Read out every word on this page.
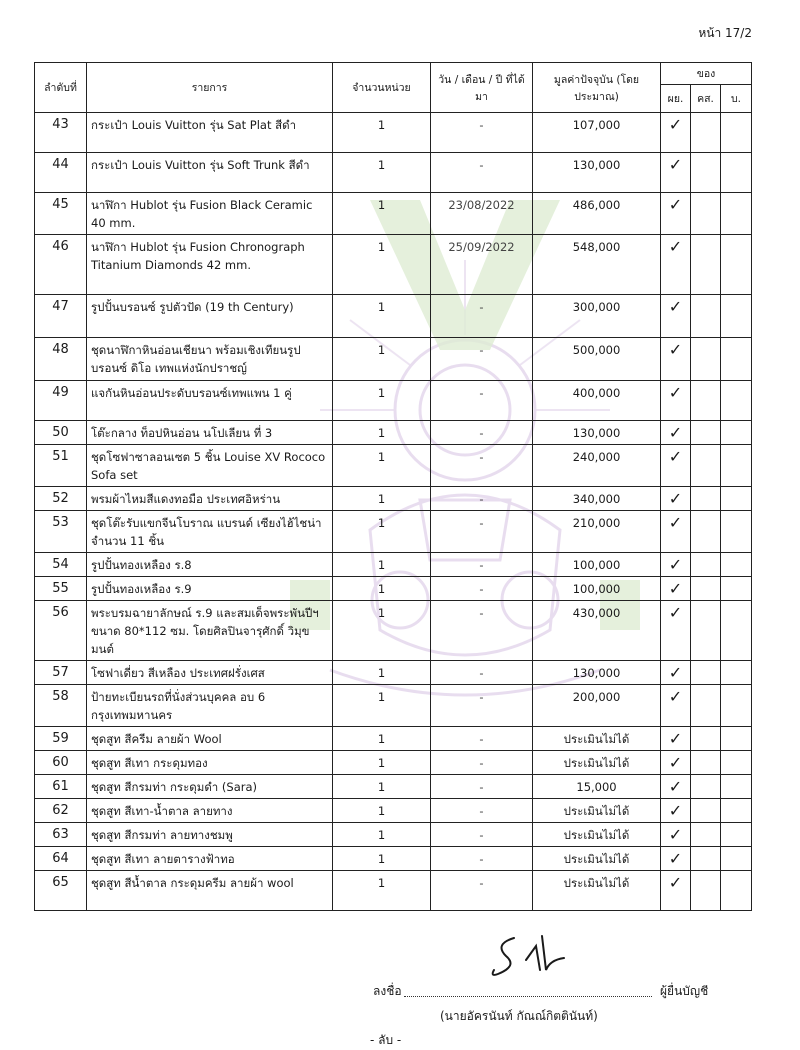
หน้า 17/2
ลำดับที่	รายการ	จำนวนหน่วย	วัน / เดือน / ปี ที่ได้มา	มูลค่าปัจจุบัน (โดยประมาณ)	ของ		
					ผย.	คส.	บ.
43	กระเป๋า Louis Vuitton รุ่น Sat Plat สีดำ	1	-	107,000	✓		
44	กระเป๋า Louis Vuitton รุ่น Soft Trunk สีดำ	1	-	130,000	✓		
45	นาฬิกา Hublot รุ่น Fusion Black Ceramic 40 mm.	1	23/08/2022	486,000	✓		
46	นาฬิกา Hublot รุ่น Fusion Chronograph Titanium Diamonds 42 mm.	1	25/09/2022	548,000	✓		
47	รูปปั้นบรอนซ์ รูปตัวปัด (19 th Century)	1	-	300,000	✓		
48	ชุดนาฬิกาหินอ่อนเชียนา พร้อมเชิงเทียนรูปบรอนซ์ ดิโอ เทพแห่งนักปราชญ์	1	-	500,000	✓		
49	แจกันหินอ่อนประดับบรอนซ์เทพแพน 1 คู่	1	-	400,000	✓		
50	โต๊ะกลาง ท็อปหินอ่อน นโปเลียน ที่ 3	1	-	130,000	✓		
51	ชุดโซฟาซาลอนเซต 5 ชิ้น Louise XV Rococo Sofa set	1	-	240,000	✓		
52	พรมผ้าไหมสีแดงทอมือ ประเทศอิหร่าน	1	-	340,000	✓		
53	ชุดโต๊ะรับแขกจีนโบราณ แบรนด์ เซียงไฮ้ไชน่า จำนวน 11 ชิ้น	1	-	210,000	✓		
54	รูปปั้นทองเหลือง ร.8	1	-	100,000	✓		
55	รูปปั้นทองเหลือง ร.9	1	-	100,000	✓		
56	พระบรมฉายาลักษณ์ ร.9 และสมเด็จพระพันปีฯ ขนาด 80*112 ซม. โดยศิลปินจารุศักดิ์ วิมุขมนต์	1	-	430,000	✓		
57	โซฟาเดี่ยว สีเหลือง ประเทศฝรั่งเศส	1	-	130,000	✓		
58	ป้ายทะเบียนรถที่นั่งส่วนบุคคล อบ 6 กรุงเทพมหานคร	1	-	200,000	✓		
59	ชุดสูท สีครีม ลายผ้า Wool	1	-	ประเมินไม่ได้	✓		
60	ชุดสูท สีเทา กระดุมทอง	1	-	ประเมินไม่ได้	✓		
61	ชุดสูท สีกรมท่า กระดุมดำ (Sara)	1	-	15,000	✓		
62	ชุดสูท สีเทา-น้ำตาล ลายทาง	1	-	ประเมินไม่ได้	✓		
63	ชุดสูท สีกรมท่า ลายทางชมพู	1	-	ประเมินไม่ได้	✓		
64	ชุดสูท สีเทา ลายตารางฟ้าทอ	1	-	ประเมินไม่ได้	✓		
65	ชุดสูท สีน้ำตาล กระดุมครีม ลายผ้า wool	1	-	ประเมินไม่ได้	✓		
ลงชื่อ	ผู้ยื่นบัญชี
(นายอัครนันท์ กัณณ์กิตตินันท์)
- ลับ -
